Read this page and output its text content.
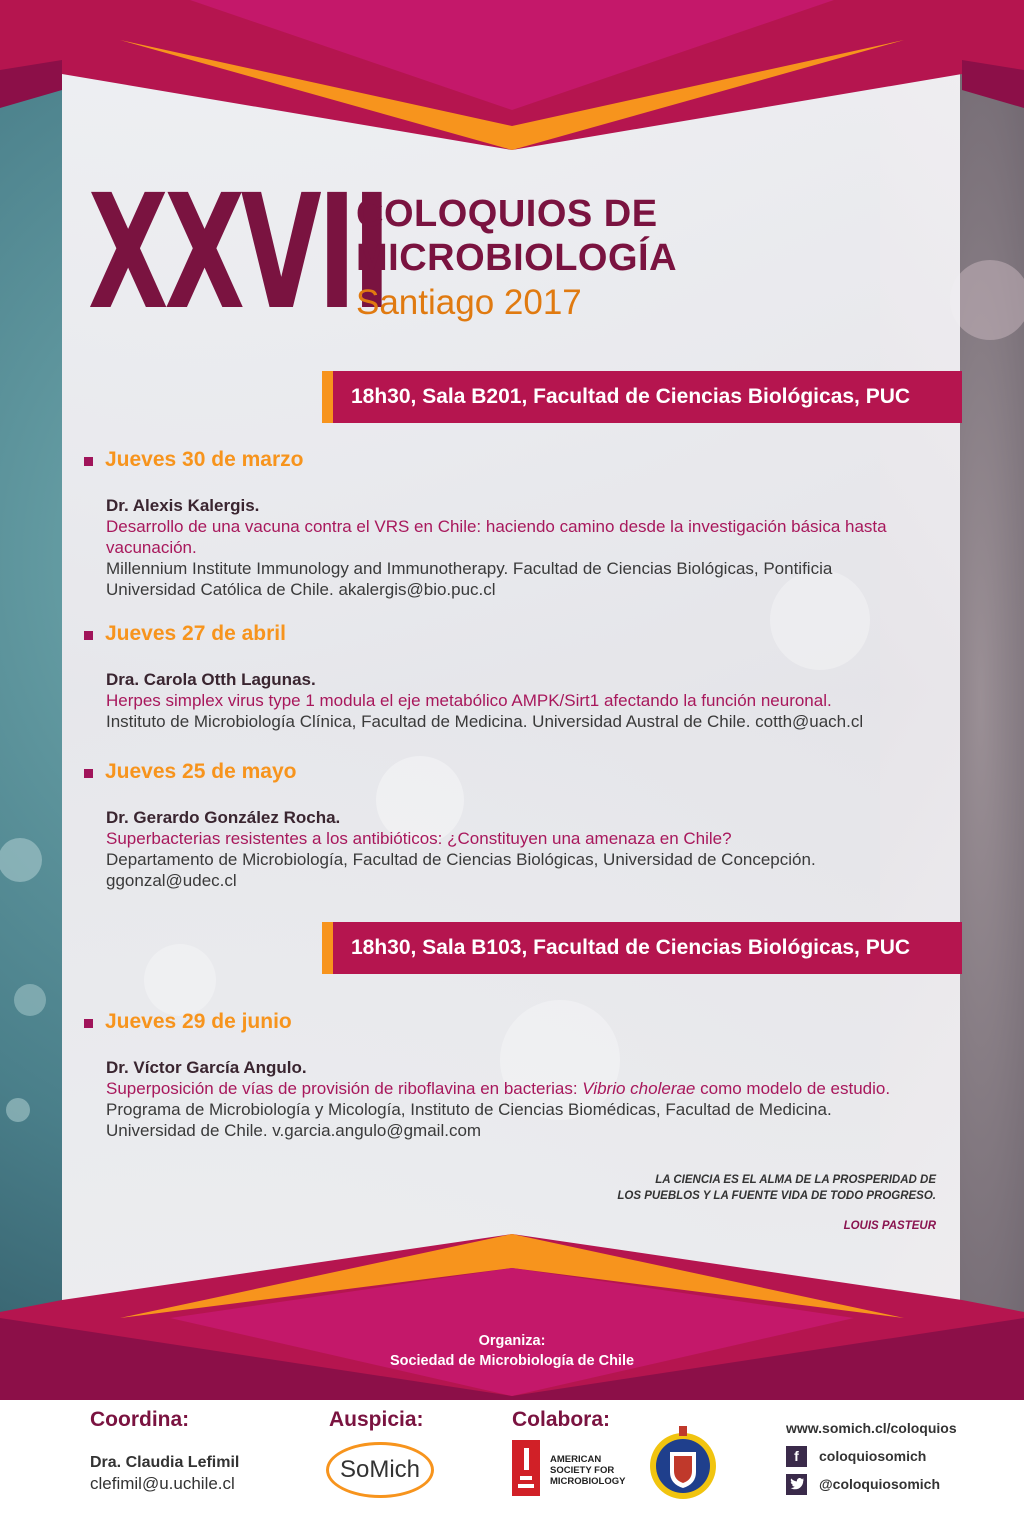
XXVII
COLOQUIOS DE
MICROBIOLOGÍA
Santiago 2017
18h30, Sala B201, Facultad de Ciencias Biológicas, PUC
Jueves 30 de marzo
Dr. Alexis Kalergis.
Desarrollo de una vacuna contra el VRS en Chile: haciendo camino desde la investigación básica hasta vacunación.
Millennium Institute Immunology and Immunotherapy. Facultad de Ciencias Biológicas, Pontificia Universidad Católica de Chile. akalergis@bio.puc.cl
Jueves 27 de abril
Dra. Carola Otth Lagunas.
Herpes simplex virus type 1 modula el eje metabólico AMPK/Sirt1 afectando la función neuronal.
Instituto de Microbiología Clínica, Facultad de Medicina. Universidad Austral de Chile. cotth@uach.cl
Jueves 25 de mayo
Dr. Gerardo González Rocha.
Superbacterias resistentes a los antibióticos: ¿Constituyen una amenaza en Chile?
Departamento de Microbiología, Facultad de Ciencias Biológicas, Universidad de Concepción. ggonzal@udec.cl
18h30, Sala B103, Facultad de Ciencias Biológicas, PUC
Jueves 29 de junio
Dr. Víctor García Angulo.
Superposición de vías de provisión de riboflavina en bacterias: Vibrio cholerae como modelo de estudio.
Programa de Microbiología y Micología, Instituto de Ciencias Biomédicas, Facultad de Medicina. Universidad de Chile. v.garcia.angulo@gmail.com
LA CIENCIA ES EL ALMA DE LA PROSPERIDAD DE
LOS PUEBLOS Y LA FUENTE VIDA DE TODO PROGRESO.
LOUIS PASTEUR
Organiza:
Sociedad de Microbiología de Chile
Coordina:
Dra. Claudia Lefimil
clefimil@u.uchile.cl
Auspicia:
SoMich
Colabora:
AMERICAN
SOCIETY FOR
MICROBIOLOGY
www.somich.cl/coloquios
f	coloquiosomich
@coloquiosomich
